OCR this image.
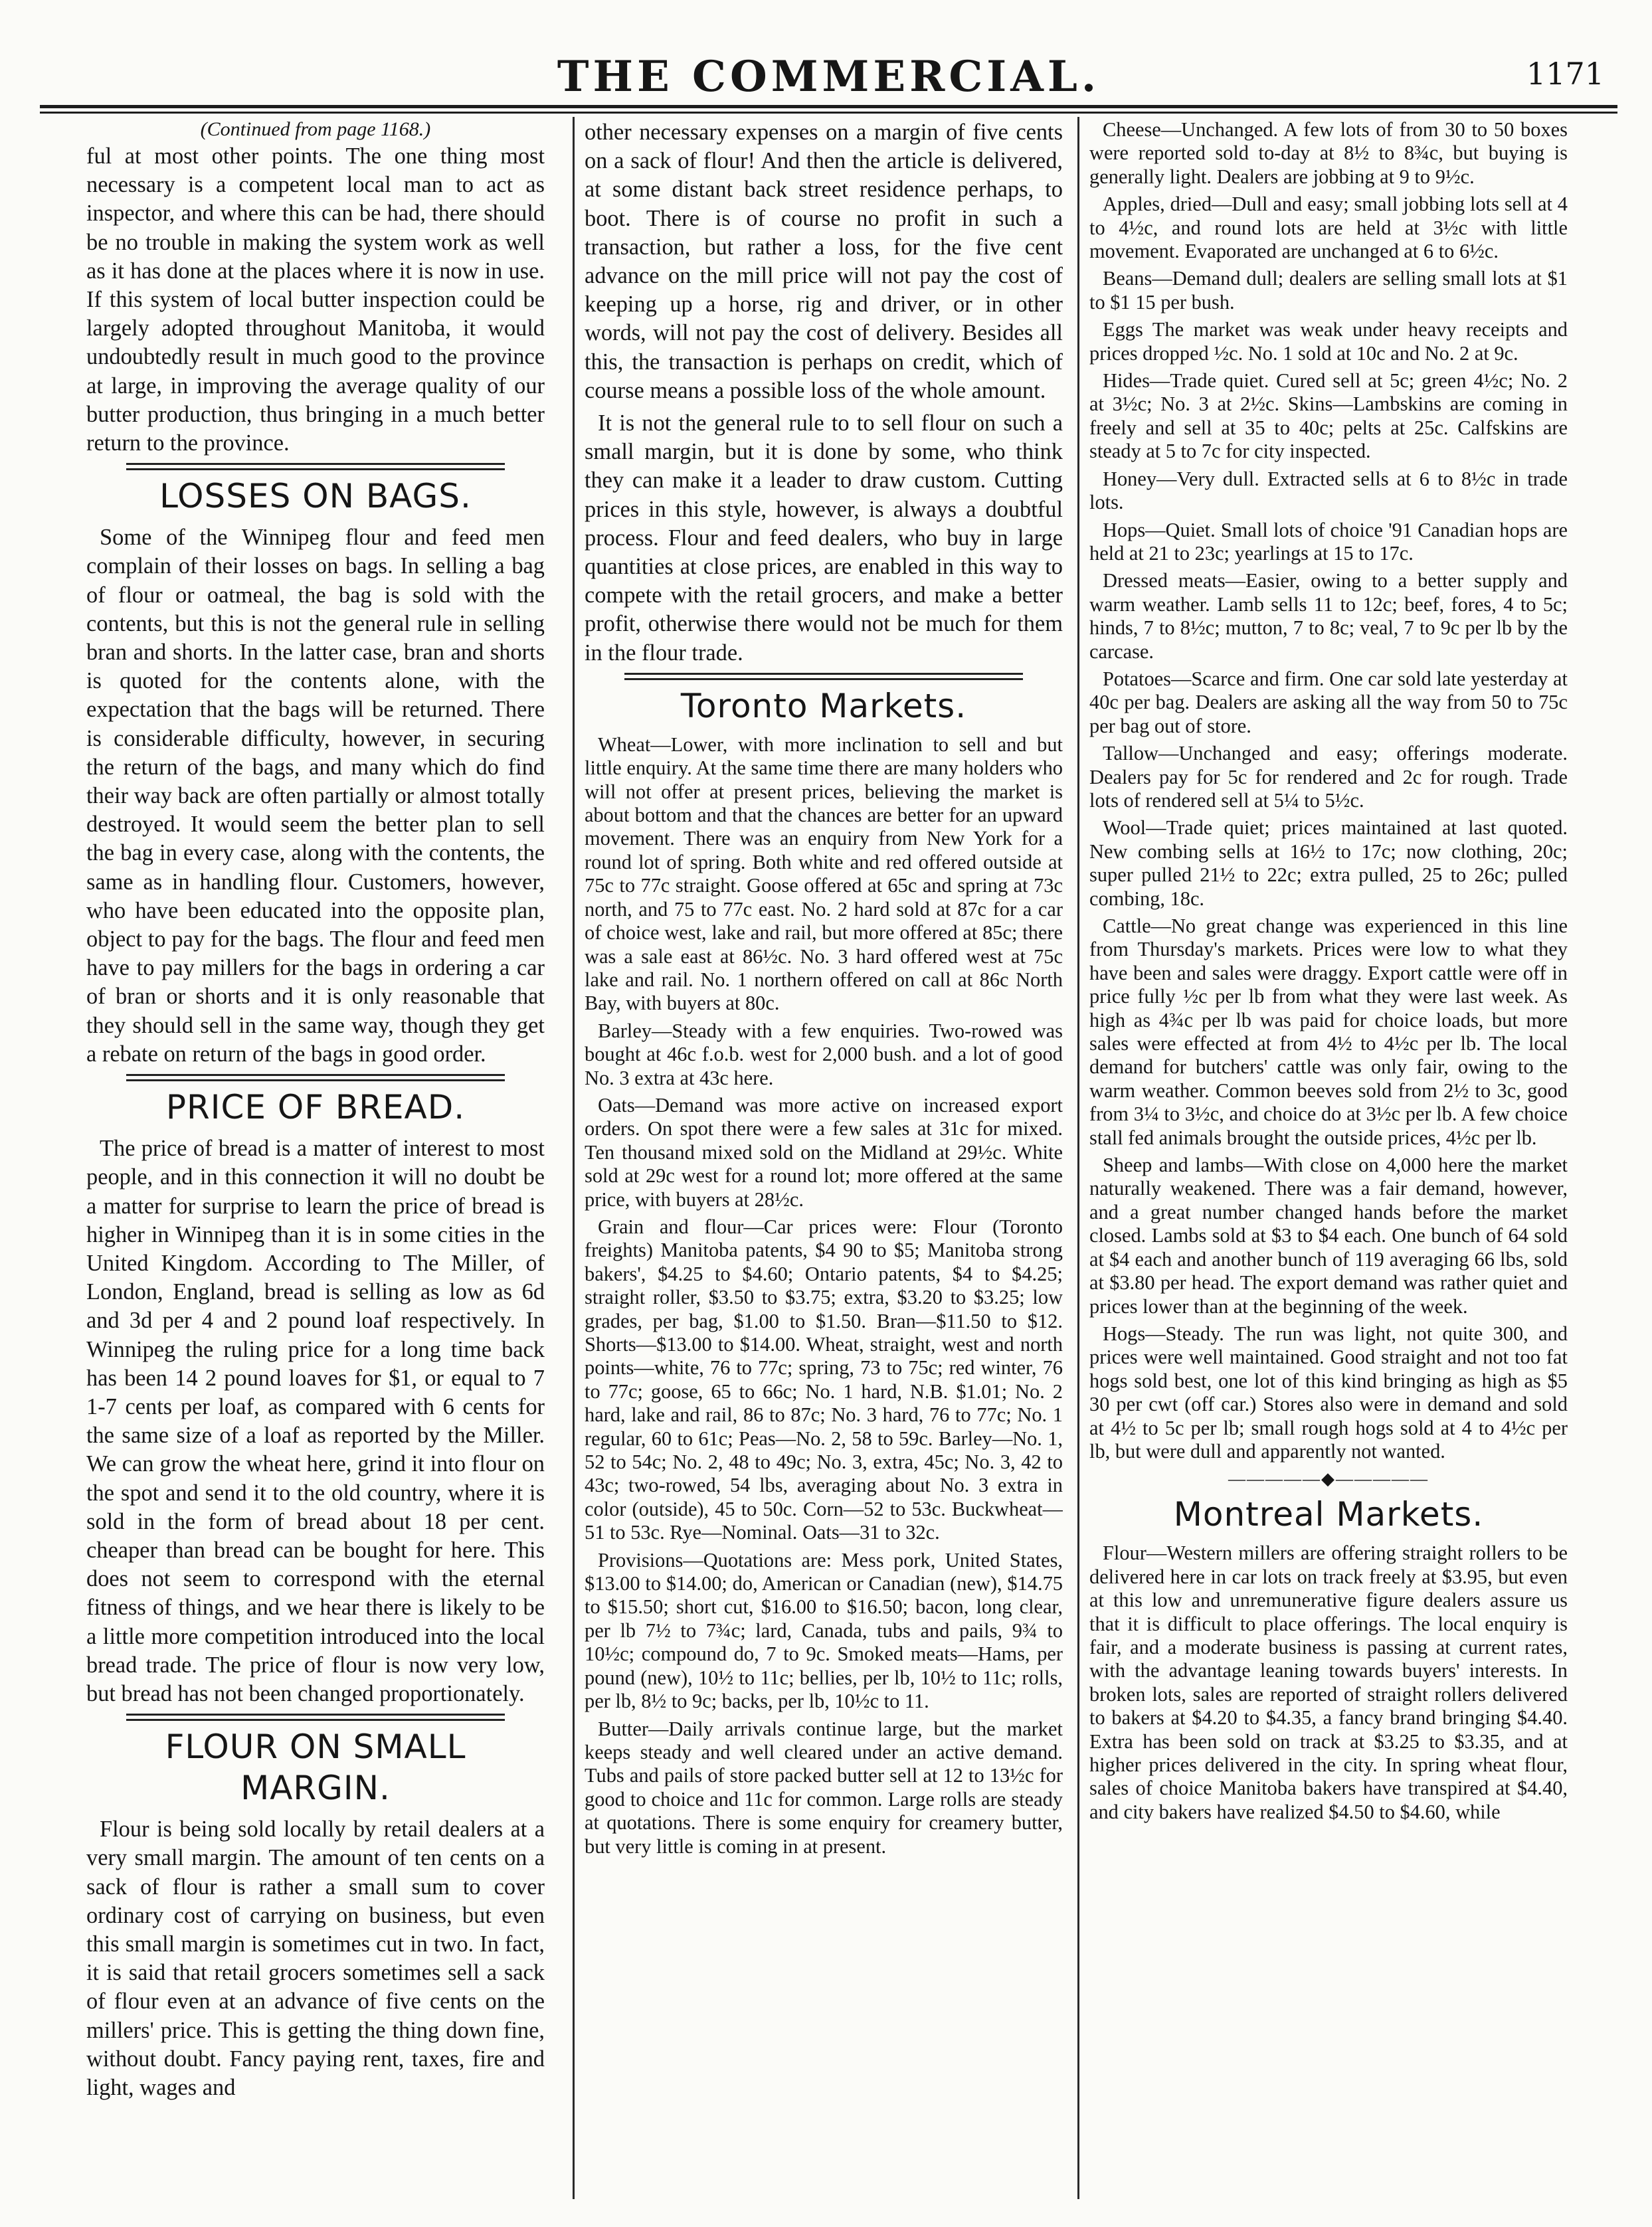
THE COMMERCIAL.	1171

(Continued from page 1168.)

ful at most other points. The one thing most necessary is a competent local man to act as inspector, and where this can be had, there should be no trouble in making the system work as well as it has done at the places where it is now in use. If this system of local butter inspection could be largely adopted throughout Manitoba, it would undoubtedly result in much good to the province at large, in improving the average quality of our butter production, thus bringing in a much better return to the province.

LOSSES ON BAGS.

Some of the Winnipeg flour and feed men complain of their losses on bags. In selling a bag of flour or oatmeal, the bag is sold with the contents, but this is not the general rule in selling bran and shorts. In the latter case, bran and shorts is quoted for the contents alone, with the expectation that the bags will be returned. There is considerable difficulty, however, in securing the return of the bags, and many which do find their way back are often partially or almost totally destroyed. It would seem the better plan to sell the bag in every case, along with the contents, the same as in handling flour. Customers, however, who have been educated into the opposite plan, object to pay for the bags. The flour and feed men have to pay millers for the bags in ordering a car of bran or shorts and it is only reasonable that they should sell in the same way, though they get a rebate on return of the bags in good order.

PRICE OF BREAD.

The price of bread is a matter of interest to most people, and in this connection it will no doubt be a matter for surprise to learn the price of bread is higher in Winnipeg than it is in some cities in the United Kingdom. According to The Miller, of London, England, bread is selling as low as 6d and 3d per 4 and 2 pound loaf respectively. In Winnipeg the ruling price for a long time back has been 14 2 pound loaves for $1, or equal to 7 1-7 cents per loaf, as compared with 6 cents for the same size of a loaf as reported by the Miller. We can grow the wheat here, grind it into flour on the spot and send it to the old country, where it is sold in the form of bread about 18 per cent. cheaper than bread can be bought for here. This does not seem to correspond with the eternal fitness of things, and we hear there is likely to be a little more competition introduced into the local bread trade. The price of flour is now very low, but bread has not been changed proportionately.

FLOUR ON SMALL MARGIN.

Flour is being sold locally by retail dealers at a very small margin. The amount of ten cents on a sack of flour is rather a small sum to cover ordinary cost of carrying on business, but even this small margin is sometimes cut in two. In fact, it is said that retail grocers sometimes sell a sack of flour even at an advance of five cents on the millers' price. This is getting the thing down fine, without doubt. Fancy paying rent, taxes, fire and light, wages and

other necessary expenses on a margin of five cents on a sack of flour! And then the article is delivered, at some distant back street residence perhaps, to boot. There is of course no profit in such a transaction, but rather a loss, for the five cent advance on the mill price will not pay the cost of keeping up a horse, rig and driver, or in other words, will not pay the cost of delivery. Besides all this, the transaction is perhaps on credit, which of course means a possible loss of the whole amount.

It is not the general rule to to sell flour on such a small margin, but it is done by some, who think they can make it a leader to draw custom. Cutting prices in this style, however, is always a doubtful process. Flour and feed dealers, who buy in large quantities at close prices, are enabled in this way to compete with the retail grocers, and make a better profit, otherwise there would not be much for them in the flour trade.

Toronto Markets.

Wheat—Lower, with more inclination to sell and but little enquiry. At the same time there are many holders who will not offer at present prices, believing the market is about bottom and that the chances are better for an upward movement. There was an enquiry from New York for a round lot of spring. Both white and red offered outside at 75c to 77c straight. Goose offered at 65c and spring at 73c north, and 75 to 77c east. No. 2 hard sold at 87c for a car of choice west, lake and rail, but more offered at 85c; there was a sale east at 86½c. No. 3 hard offered west at 75c lake and rail. No. 1 northern offered on call at 86c North Bay, with buyers at 80c.

Barley—Steady with a few enquiries. Two-rowed was bought at 46c f.o.b. west for 2,000 bush. and a lot of good No. 3 extra at 43c here.

Oats—Demand was more active on increased export orders. On spot there were a few sales at 31c for mixed. Ten thousand mixed sold on the Midland at 29½c. White sold at 29c west for a round lot; more offered at the same price, with buyers at 28½c.

Grain and flour—Car prices were: Flour (Toronto freights) Manitoba patents, $4 90 to $5; Manitoba strong bakers', $4.25 to $4.60; Ontario patents, $4 to $4.25; straight roller, $3.50 to $3.75; extra, $3.20 to $3.25; low grades, per bag, $1.00 to $1.50. Bran—$11.50 to $12. Shorts—$13.00 to $14.00. Wheat, straight, west and north points—white, 76 to 77c; spring, 73 to 75c; red winter, 76 to 77c; goose, 65 to 66c; No. 1 hard, N.B. $1.01; No. 2 hard, lake and rail, 86 to 87c; No. 3 hard, 76 to 77c; No. 1 regular, 60 to 61c; Peas—No. 2, 58 to 59c. Barley—No. 1, 52 to 54c; No. 2, 48 to 49c; No. 3, extra, 45c; No. 3, 42 to 43c; two-rowed, 54 lbs, averaging about No. 3 extra in color (outside), 45 to 50c. Corn—52 to 53c. Buckwheat—51 to 53c. Rye—Nominal. Oats—31 to 32c.

Provisions—Quotations are: Mess pork, United States, $13.00 to $14.00; do, American or Canadian (new), $14.75 to $15.50; short cut, $16.00 to $16.50; bacon, long clear, per lb 7½ to 7¾c; lard, Canada, tubs and pails, 9¾ to 10½c; compound do, 7 to 9c. Smoked meats—Hams, per pound (new), 10½ to 11c; bellies, per lb, 10½ to 11c; rolls, per lb, 8½ to 9c; backs, per lb, 10½c to 11.

Butter—Daily arrivals continue large, but the market keeps steady and well cleared under an active demand. Tubs and pails of store packed butter sell at 12 to 13½c for good to choice and 11c for common. Large rolls are steady at quotations. There is some enquiry for creamery butter, but very little is coming in at present.

Cheese—Unchanged. A few lots of from 30 to 50 boxes were reported sold to-day at 8½ to 8¾c, but buying is generally light. Dealers are jobbing at 9 to 9½c.

Apples, dried—Dull and easy; small jobbing lots sell at 4 to 4½c, and round lots are held at 3½c with little movement. Evaporated are unchanged at 6 to 6½c.

Beans—Demand dull; dealers are selling small lots at $1 to $1 15 per bush.

Eggs The market was weak under heavy receipts and prices dropped ½c. No. 1 sold at 10c and No. 2 at 9c.

Hides—Trade quiet. Cured sell at 5c; green 4½c; No. 2 at 3½c; No. 3 at 2½c. Skins—Lambskins are coming in freely and sell at 35 to 40c; pelts at 25c. Calfskins are steady at 5 to 7c for city inspected.

Honey—Very dull. Extracted sells at 6 to 8½c in trade lots.

Hops—Quiet. Small lots of choice '91 Canadian hops are held at 21 to 23c; yearlings at 15 to 17c.

Dressed meats—Easier, owing to a better supply and warm weather. Lamb sells 11 to 12c; beef, fores, 4 to 5c; hinds, 7 to 8½c; mutton, 7 to 8c; veal, 7 to 9c per lb by the carcase.

Potatoes—Scarce and firm. One car sold late yesterday at 40c per bag. Dealers are asking all the way from 50 to 75c per bag out of store.

Tallow—Unchanged and easy; offerings moderate. Dealers pay for 5c for rendered and 2c for rough. Trade lots of rendered sell at 5¼ to 5½c.

Wool—Trade quiet; prices maintained at last quoted. New combing sells at 16½ to 17c; now clothing, 20c; super pulled 21½ to 22c; extra pulled, 25 to 26c; pulled combing, 18c.

Cattle—No great change was experienced in this line from Thursday's markets. Prices were low to what they have been and sales were draggy. Export cattle were off in price fully ½c per lb from what they were last week. As high as 4¾c per lb was paid for choice loads, but more sales were effected at from 4½ to 4½c per lb. The local demand for butchers' cattle was only fair, owing to the warm weather. Common beeves sold from 2½ to 3c, good from 3¼ to 3½c, and choice do at 3½c per lb. A few choice stall fed animals brought the outside prices, 4½c per lb.

Sheep and lambs—With close on 4,000 here the market naturally weakened. There was a fair demand, however, and a great number changed hands before the market closed. Lambs sold at $3 to $4 each. One bunch of 64 sold at $4 each and another bunch of 119 averaging 66 lbs, sold at $3.80 per head. The export demand was rather quiet and prices lower than at the beginning of the week.

Hogs—Steady. The run was light, not quite 300, and prices were well maintained. Good straight and not too fat hogs sold best, one lot of this kind bringing as high as $5 30 per cwt (off car.) Stores also were in demand and sold at 4½ to 5c per lb; small rough hogs sold at 4 to 4½c per lb, but were dull and apparently not wanted.

—————◆—————
Montreal Markets.

Flour—Western millers are offering straight rollers to be delivered here in car lots on track freely at $3.95, but even at this low and unremunerative figure dealers assure us that it is difficult to place offerings. The local enquiry is fair, and a moderate business is passing at current rates, with the advantage leaning towards buyers' interests. In broken lots, sales are reported of straight rollers delivered to bakers at $4.20 to $4.35, a fancy brand bringing $4.40. Extra has been sold on track at $3.25 to $3.35, and at higher prices delivered in the city. In spring wheat flour, sales of choice Manitoba bakers have transpired at $4.40, and city bakers have realized $4.50 to $4.60, while
